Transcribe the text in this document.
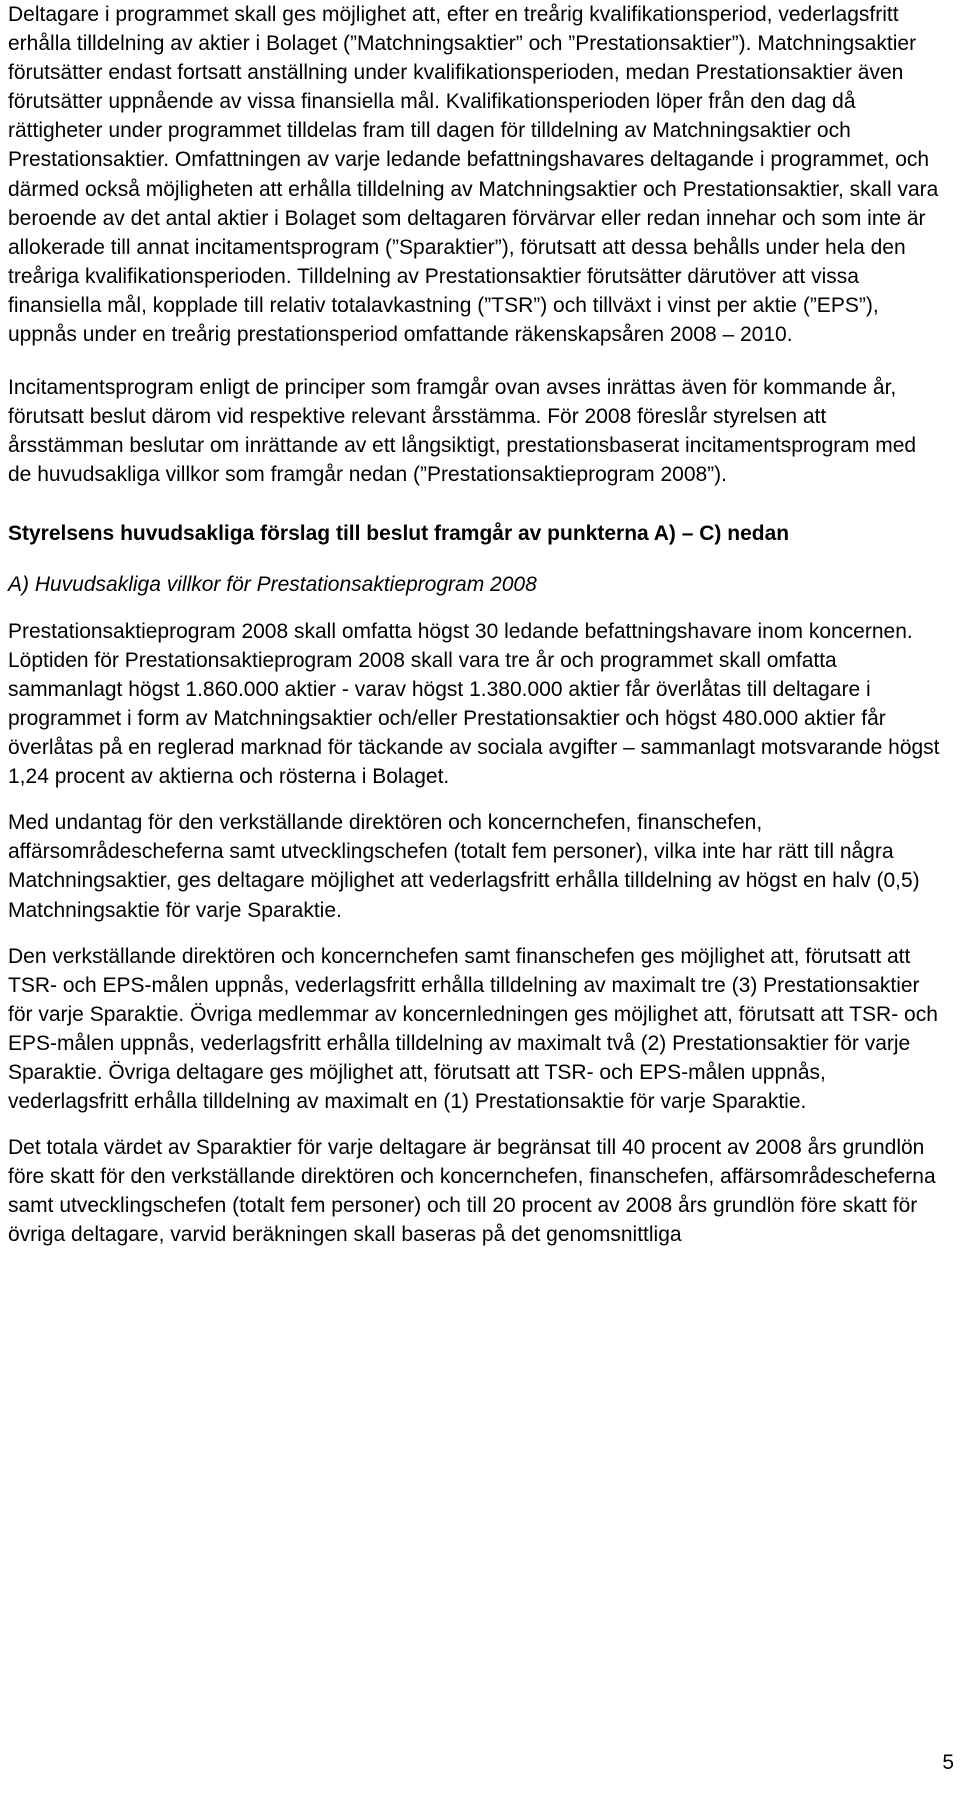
Deltagare i programmet skall ges möjlighet att, efter en treårig kvalifikationsperiod, vederlagsfritt erhålla tilldelning av aktier i Bolaget (”Matchningsaktier” och ”Prestationsaktier”). Matchningsaktier förutsätter endast fortsatt anställning under kvalifikationsperioden, medan Prestationsaktier även förutsätter uppnående av vissa finansiella mål. Kvalifikationsperioden löper från den dag då rättigheter under programmet tilldelas fram till dagen för tilldelning av Matchningsaktier och Prestationsaktier. Omfattningen av varje ledande befattningshavares deltagande i programmet, och därmed också möjligheten att erhålla tilldelning av Matchningsaktier och Prestationsaktier, skall vara beroende av det antal aktier i Bolaget som deltagaren förvärvar eller redan innehar och som inte är allokerade till annat incitamentsprogram (”Sparaktier”), förutsatt att dessa behålls under hela den treåriga kvalifikationsperioden. Tilldelning av Prestationsaktier förutsätter därutöver att vissa finansiella mål, kopplade till relativ totalavkastning (”TSR”) och tillväxt i vinst per aktie (”EPS”), uppnås under en treårig prestationsperiod omfattande räkenskapsåren 2008 – 2010.

Incitamentsprogram enligt de principer som framgår ovan avses inrättas även för kommande år, förutsatt beslut därom vid respektive relevant årsstämma. För 2008 föreslår styrelsen att årsstämman beslutar om inrättande av ett långsiktigt, prestationsbaserat incitamentsprogram med de huvudsakliga villkor som framgår nedan (”Prestationsaktieprogram 2008”).

Styrelsens huvudsakliga förslag till beslut framgår av punkterna A) – C) nedan

A) Huvudsakliga villkor för Prestationsaktieprogram 2008

Prestationsaktieprogram 2008 skall omfatta högst 30 ledande befattningshavare inom koncernen. Löptiden för Prestationsaktieprogram 2008 skall vara tre år och programmet skall omfatta sammanlagt högst 1.860.000 aktier - varav högst 1.380.000 aktier får överlåtas till deltagare i programmet i form av Matchningsaktier och/eller Prestationsaktier och högst 480.000 aktier får överlåtas på en reglerad marknad för täckande av sociala avgifter – sammanlagt motsvarande högst 1,24 procent av aktierna och rösterna i Bolaget.

Med undantag för den verkställande direktören och koncernchefen, finanschefen, affärsområdescheferna samt utvecklingschefen (totalt fem personer), vilka inte har rätt till några Matchningsaktier, ges deltagare möjlighet att vederlagsfritt erhålla tilldelning av högst en halv (0,5) Matchningsaktie för varje Sparaktie.

Den verkställande direktören och koncernchefen samt finanschefen ges möjlighet att, förutsatt att TSR- och EPS-målen uppnås, vederlagsfritt erhålla tilldelning av maximalt tre (3) Prestationsaktier för varje Sparaktie. Övriga medlemmar av koncernledningen ges möjlighet att, förutsatt att TSR- och EPS-målen uppnås, vederlagsfritt erhålla tilldelning av maximalt två (2) Prestationsaktier för varje Sparaktie. Övriga deltagare ges möjlighet att, förutsatt att TSR- och EPS-målen uppnås, vederlagsfritt erhålla tilldelning av maximalt en (1) Prestationsaktie för varje Sparaktie.

Det totala värdet av Sparaktier för varje deltagare är begränsat till 40 procent av 2008 års grundlön före skatt för den verkställande direktören och koncernchefen, finanschefen, affärsområdescheferna samt utvecklingschefen (totalt fem personer) och till 20 procent av 2008 års grundlön före skatt för övriga deltagare, varvid beräkningen skall baseras på det genomsnittliga

5
